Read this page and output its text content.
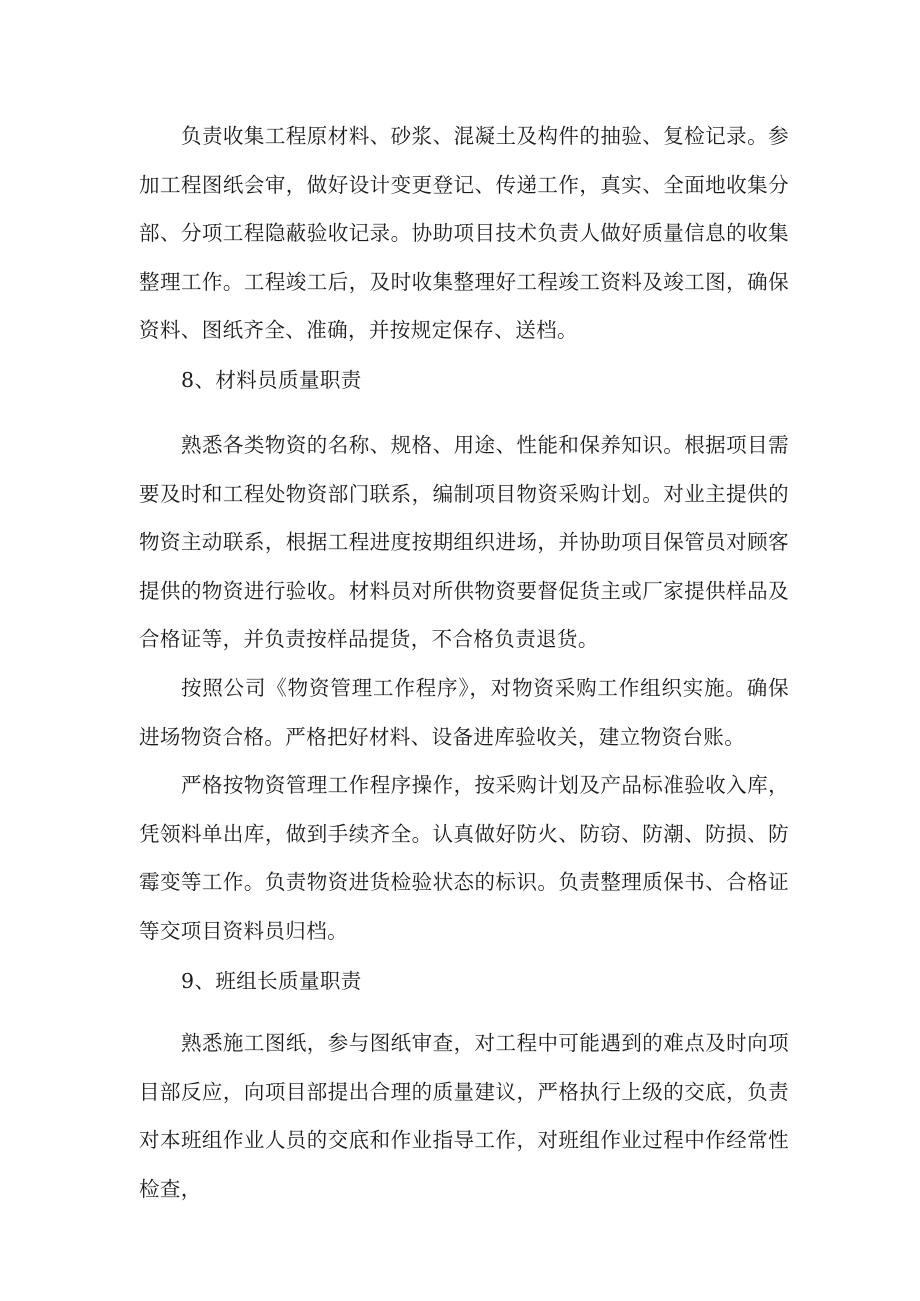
负责收集工程原材料、砂浆、混凝土及构件的抽验、复检记录。参加工程图纸会审，做好设计变更登记、传递工作，真实、全面地收集分部、分项工程隐蔽验收记录。协助项目技术负责人做好质量信息的收集整理工作。工程竣工后，及时收集整理好工程竣工资料及竣工图，确保资料、图纸齐全、准确，并按规定保存、送档。

8、材料员质量职责

熟悉各类物资的名称、规格、用途、性能和保养知识。根据项目需要及时和工程处物资部门联系，编制项目物资采购计划。对业主提供的物资主动联系，根据工程进度按期组织进场，并协助项目保管员对顾客提供的物资进行验收。材料员对所供物资要督促货主或厂家提供样品及合格证等，并负责按样品提货，不合格负责退货。

按照公司《物资管理工作程序》，对物资采购工作组织实施。确保进场物资合格。严格把好材料、设备进库验收关，建立物资台账。

严格按物资管理工作程序操作，按采购计划及产品标准验收入库，凭领料单出库，做到手续齐全。认真做好防火、防窃、防潮、防损、防霉变等工作。负责物资进货检验状态的标识。负责整理质保书、合格证等交项目资料员归档。

9、班组长质量职责

熟悉施工图纸，参与图纸审查，对工程中可能遇到的难点及时向项目部反应，向项目部提出合理的质量建议，严格执行上级的交底，负责对本班组作业人员的交底和作业指导工作，对班组作业过程中作经常性检查，
